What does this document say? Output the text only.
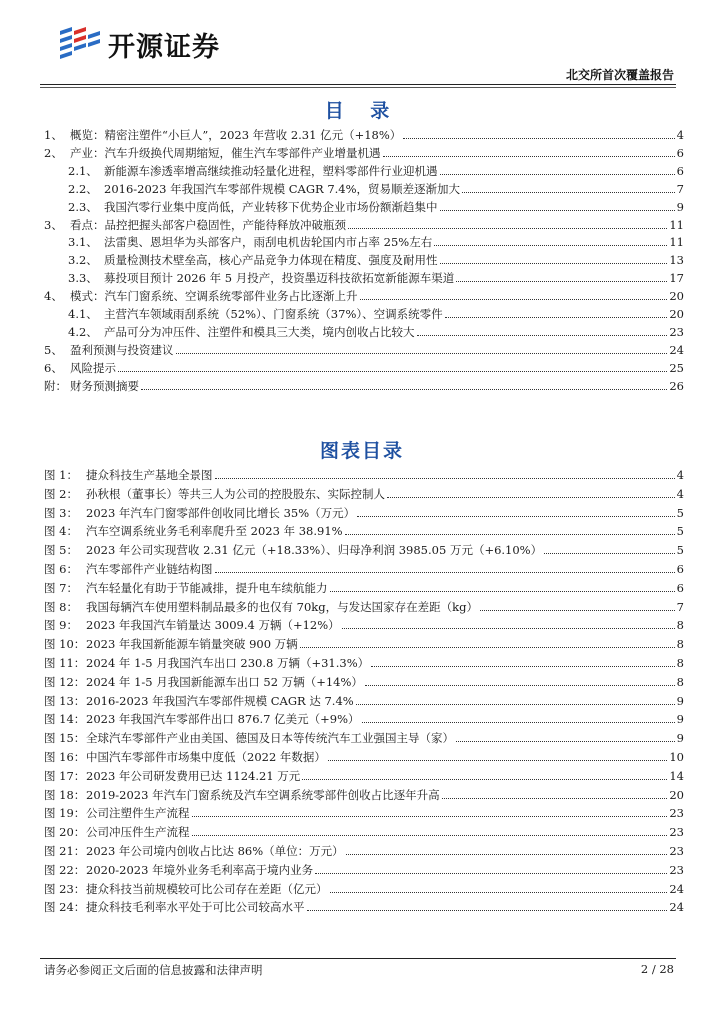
开源证券
北交所首次覆盖报告
目 录
1、 概览：精密注塑件“小巨人”，2023 年营收 2.31 亿元（+18%）	4
2、 产业：汽车升级换代周期缩短，催生汽车零部件产业增量机遇	6
2.1、 新能源车渗透率增高继续推动轻量化进程，塑料零部件行业迎机遇	6
2.2、 2016-2023 年我国汽车零部件规模 CAGR 7.4%，贸易顺差逐渐加大	7
2.3、 我国汽零行业集中度尚低，产业转移下优势企业市场份额渐趋集中	9
3、 看点：品控把握头部客户稳固性，产能待释放冲破瓶颈	11
3.1、 法雷奥、恩坦华为头部客户，雨刮电机齿轮国内市占率 25%左右	11
3.2、 质量检测技术壁垒高，核心产品竞争力体现在精度、强度及耐用性	13
3.3、 募投项目预计 2026 年 5 月投产，投资墨迈科技欲拓宽新能源车渠道	17
4、 模式：汽车门窗系统、空调系统零部件业务占比逐渐上升	20
4.1、 主营汽车领域雨刮系统（52%）、门窗系统（37%）、空调系统零件	20
4.2、 产品可分为冲压件、注塑件和模具三大类，境内创收占比较大	23
5、 盈利预测与投资建议	24
6、 风险提示	25
附： 财务预测摘要	26
图表目录
图 1： 捷众科技生产基地全景图	4
图 2： 孙秋根（董事长）等共三人为公司的控股股东、实际控制人	4
图 3： 2023 年汽车门窗零部件创收同比增长 35%（万元）	5
图 4： 汽车空调系统业务毛利率爬升至 2023 年 38.91%	5
图 5： 2023 年公司实现营收 2.31 亿元（+18.33%）、归母净利润 3985.05 万元（+6.10%）	5
图 6： 汽车零部件产业链结构图	6
图 7： 汽车轻量化有助于节能减排，提升电车续航能力	6
图 8： 我国每辆汽车使用塑料制品最多的也仅有 70kg，与发达国家存在差距（kg）	7
图 9： 2023 年我国汽车销量达 3009.4 万辆（+12%）	8
图 10： 2023 年我国新能源车销量突破 900 万辆	8
图 11： 2024 年 1-5 月我国汽车出口 230.8 万辆（+31.3%）	8
图 12： 2024 年 1-5 月我国新能源车出口 52 万辆（+14%）	8
图 13： 2016-2023 年我国汽车零部件规模 CAGR 达 7.4%	9
图 14： 2023 年我国汽车零部件出口 876.7 亿美元（+9%）	9
图 15： 全球汽车零部件产业由美国、德国及日本等传统汽车工业强国主导（家）	9
图 16： 中国汽车零部件市场集中度低（2022 年数据）	10
图 17： 2023 年公司研发费用已达 1124.21 万元	14
图 18： 2019-2023 年汽车门窗系统及汽车空调系统零部件创收占比逐年升高	20
图 19： 公司注塑件生产流程	23
图 20： 公司冲压件生产流程	23
图 21： 2023 年公司境内创收占比达 86%（单位：万元）	23
图 22： 2020-2023 年境外业务毛利率高于境内业务	23
图 23： 捷众科技当前规模较可比公司存在差距（亿元）	24
图 24： 捷众科技毛利率水平处于可比公司较高水平	24
请务必参阅正文后面的信息披露和法律声明	2 / 28
